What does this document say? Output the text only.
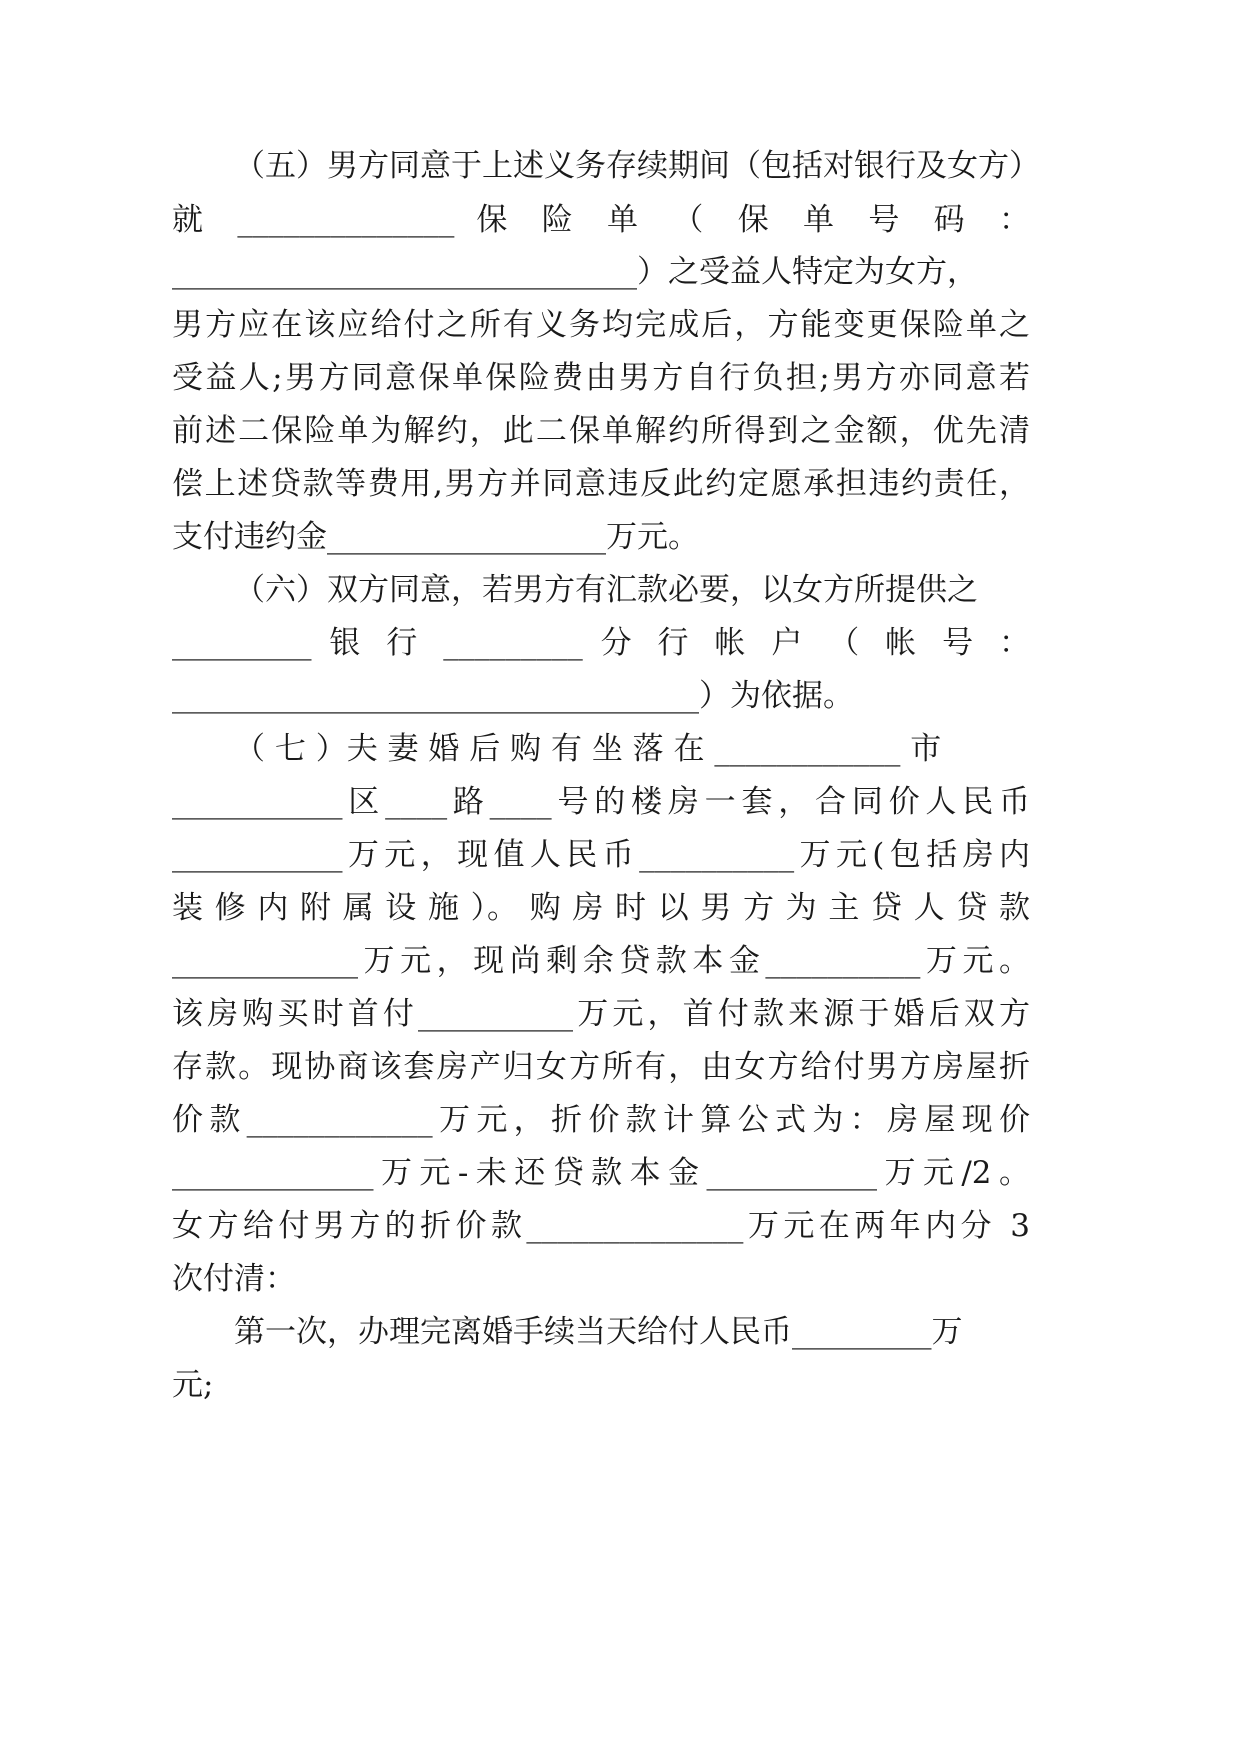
（五）男方同意于上述义务存续期间（包括对银行及女方）
就 ______________ 保 险 单 （ 保 单 号 码 ：
______________________________）之受益人特定为女方，
男方应在该应给付之所有义务均完成后，方能变更保险单之
受益人;男方同意保单保险费由男方自行负担;男方亦同意若
前述二保险单为解约，此二保单解约所得到之金额，优先清
偿上述贷款等费用,男方并同意违反此约定愿承担违约责任，
支付违约金__________________万元。
（六）双方同意，若男方有汇款必要，以女方所提供之
_________ 银 行 _________ 分 行 帐 户 （ 帐 号 ：
__________________________________）为依据。
（ 七 ）夫 妻 婚 后 购 有 坐 落 在 ____________ 市
___________区____路____号的楼房一套，合同价人民币
___________万元，现值人民币__________万元(包括房内
装 修 内 附 属 设 施 ）。 购 房 时 以 男 方 为 主 贷 人 贷 款
____________万元，现尚剩余贷款本金__________万元。
该房购买时首付__________万元，首付款来源于婚后双方
存款。现协商该套房产归女方所有，由女方给付男方房屋折
价款____________万元，折价款计算公式为：房屋现价
_____________万元-未还贷款本金___________万元/2。
女方给付男方的折价款______________万元在两年内分 3
次付清：
第一次，办理完离婚手续当天给付人民币_________万
元;
